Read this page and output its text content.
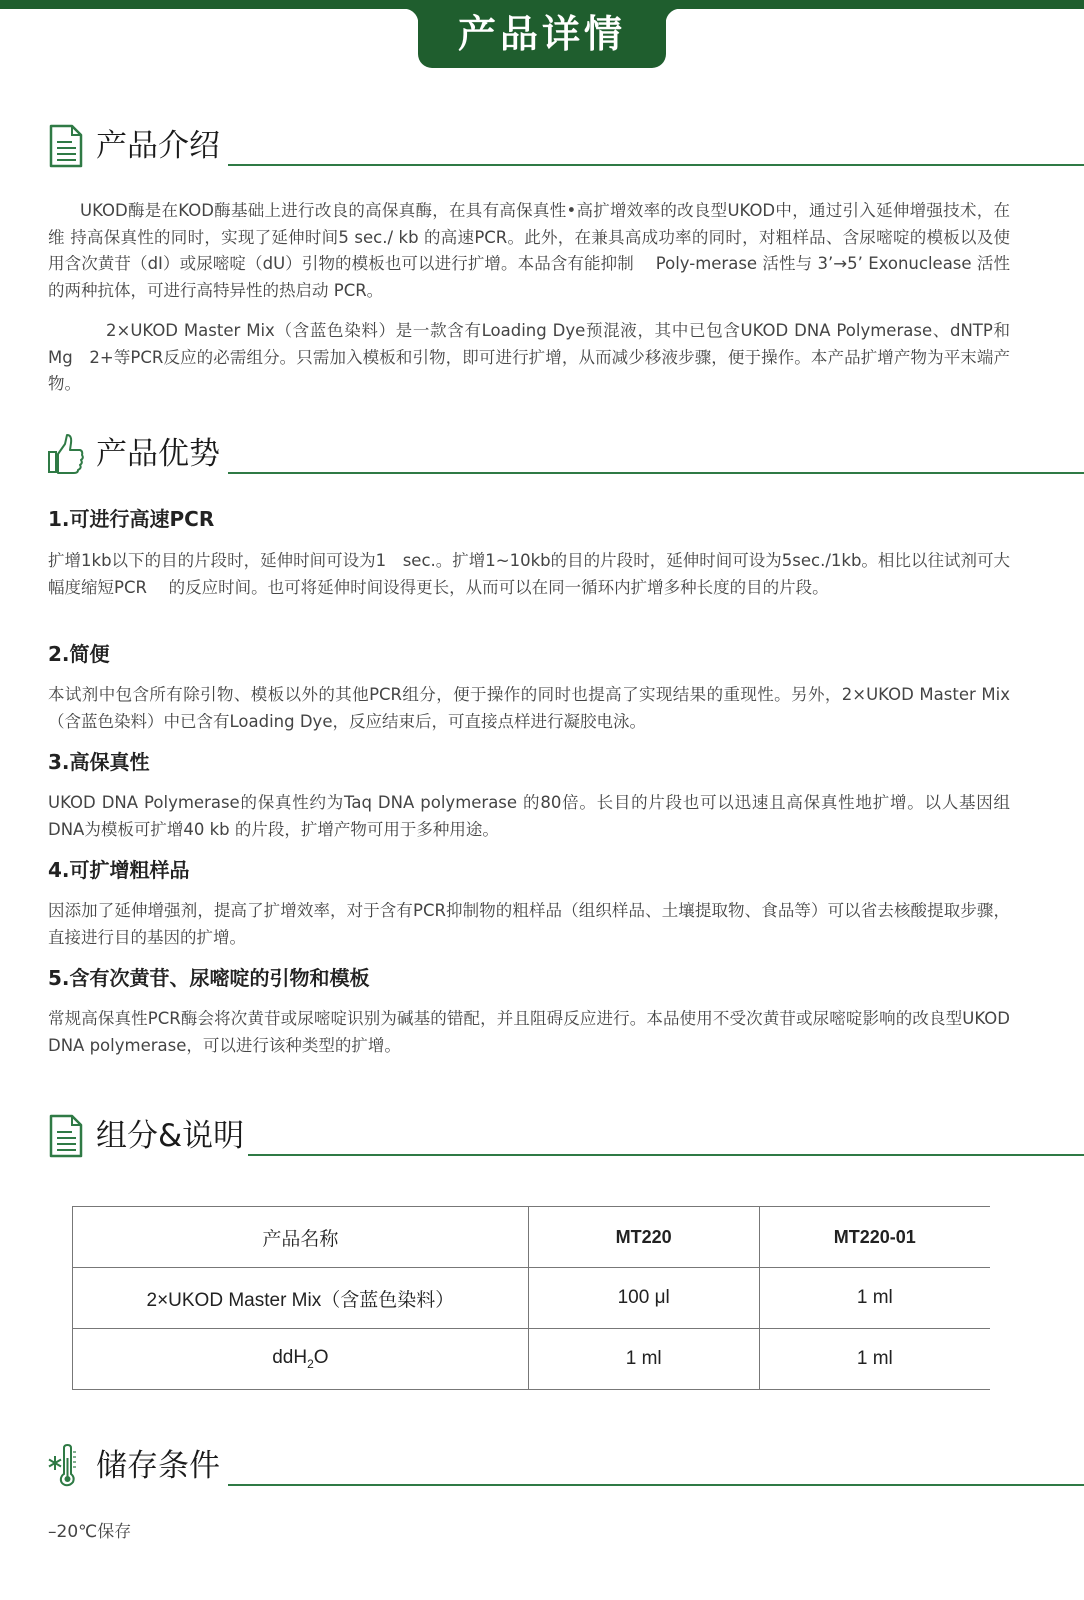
产品详情
产品介绍

UKOD酶是在KOD酶基础上进行改良的高保真酶，在具有高保真性•高扩增效率的改良型UKOD中，通过引入延伸增强技术，在维 持高保真性的同时，实现了延伸时间5 sec./ kb 的高速PCR。此外，在兼具高成功率的同时，对粗样品、含尿嘧啶的模板以及使用含次黄苷（dI）或尿嘧啶（dU）引物的模板也可以进行扩增。本品含有能抑制　 Poly-merase 活性与 3’→5’ Exonuclease 活性的两种抗体，可进行高特异性的热启动 PCR。

2×UKOD Master Mix（含蓝色染料）是一款含有Loading Dye预混液，其中已包含UKOD DNA Polymerase、dNTP和Mg　2+等PCR反应的必需组分。只需加入模板和引物，即可进行扩增，从而减少移液步骤，便于操作。本产品扩增产物为平末端产物。

产品优势
1.可进行高速PCR

扩增1kb以下的目的片段时，延伸时间可设为1　sec.。扩增1~10kb的目的片段时，延伸时间可设为5sec./1kb。相比以往试剂可大幅度缩短PCR　 的反应时间。也可将延伸时间设得更长，从而可以在同一循环内扩增多种长度的目的片段。

2.简便

本试剂中包含所有除引物、模板以外的其他PCR组分，便于操作的同时也提高了实现结果的重现性。另外，2×UKOD Master Mix（含蓝色染料）中已含有Loading Dye，反应结束后，可直接点样进行凝胶电泳。

3.高保真性

UKOD DNA Polymerase的保真性约为Taq DNA polymerase 的80倍。长目的片段也可以迅速且高保真性地扩增。以人基因组DNA为模板可扩增40 kb 的片段，扩增产物可用于多种用途。

4.可扩增粗样品

因添加了延伸增强剂，提高了扩增效率，对于含有PCR抑制物的粗样品（组织样品、土壤提取物、食品等）可以省去核酸提取步骤，直接进行目的基因的扩增。

5.含有次黄苷、尿嘧啶的引物和模板

常规高保真性PCR酶会将次黄苷或尿嘧啶识别为碱基的错配，并且阻碍反应进行。本品使用不受次黄苷或尿嘧啶影响的改良型UKOD DNA polymerase，可以进行该种类型的扩增。

组分&说明
产品名称	MT220	MT220-01
2×UKOD Master Mix（含蓝色染料）	100 μl	1 ml
ddH$_2$O	1 ml	1 ml
储存条件
–20℃保存
